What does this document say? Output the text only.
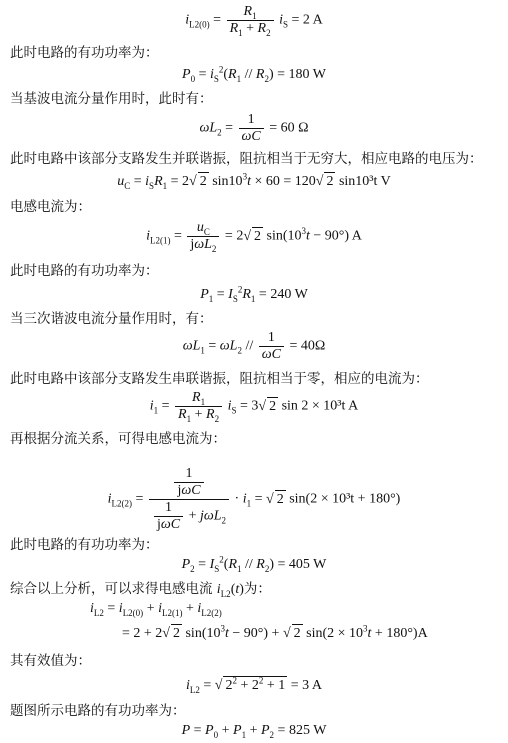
$i_{L2(0)} = \frac{R_1}{R_1 + R_2} i_S = 2$ A
此时电路的有功功率为：
$P_0 = i_S^2(R_1 // R_2) = 180$ W
当基波电流分量作用时，此时有：
$\omega L_2 = \frac{1}{\omega C} = 60$ Ω
此时电路中该部分支路发生并联谐振，阻抗相当于无穷大，相应电路的电压为：
$u_C = i_SR_1 = 2√$ 2 $\sin 10^3t \times 60 = 120√$ 2 sin10³t V
电感电流为：
$i_{L2(1)} = \frac{u_C}{j\omega L_2} = 2√$ 2 $\sin(10^3t - 90^\circ)$ A
此时电路的有功功率为：
$P_1 = I_S^2R_1 = 240$ W
当三次谐波电流分量作用时，有：
$\omega L_1 = \omega L_2 // \frac{1}{\omega C} = 40\Omega$
此时电路中该部分支路发生串联谐振，阻抗相当于零，相应的电流为：
$i_1 = \frac{R_1}{R_1 + R_2} i_S = 3√$ 2 sin 2 × 10³t A
再根据分流关系，可得电感电流为：
$i_{L2(2)} = \frac{\frac{1}{\text{jωC}}}{\frac{1}{\text{jωC}} + j\omega L_2} \cdot i_1$ = √ 2 sin(2 × 10³t + 180°)
此时电路的有功功率为：
$P_2 = I_S^2(R_1 // R_2) = 405$ W
综合以上分析，可以求得电感电流 $i_{L2}(t)$为：
$i_{L2} = i_{L2(0)} + i_{L2(1)} + i_{L2(2)}$
= 2 + 2√ 2 $\sin(10^3t - 90^\circ)$ + √ 2 $\sin(2 \times 10^3t + 180^\circ)A$
其有效值为：
$i_{L2}$ = √ $2^2 + 2^2 + 1 = 3$ A
题图所示电路的有功功率为：
$P = P_0 + P_1 + P_2 = 825$ W
